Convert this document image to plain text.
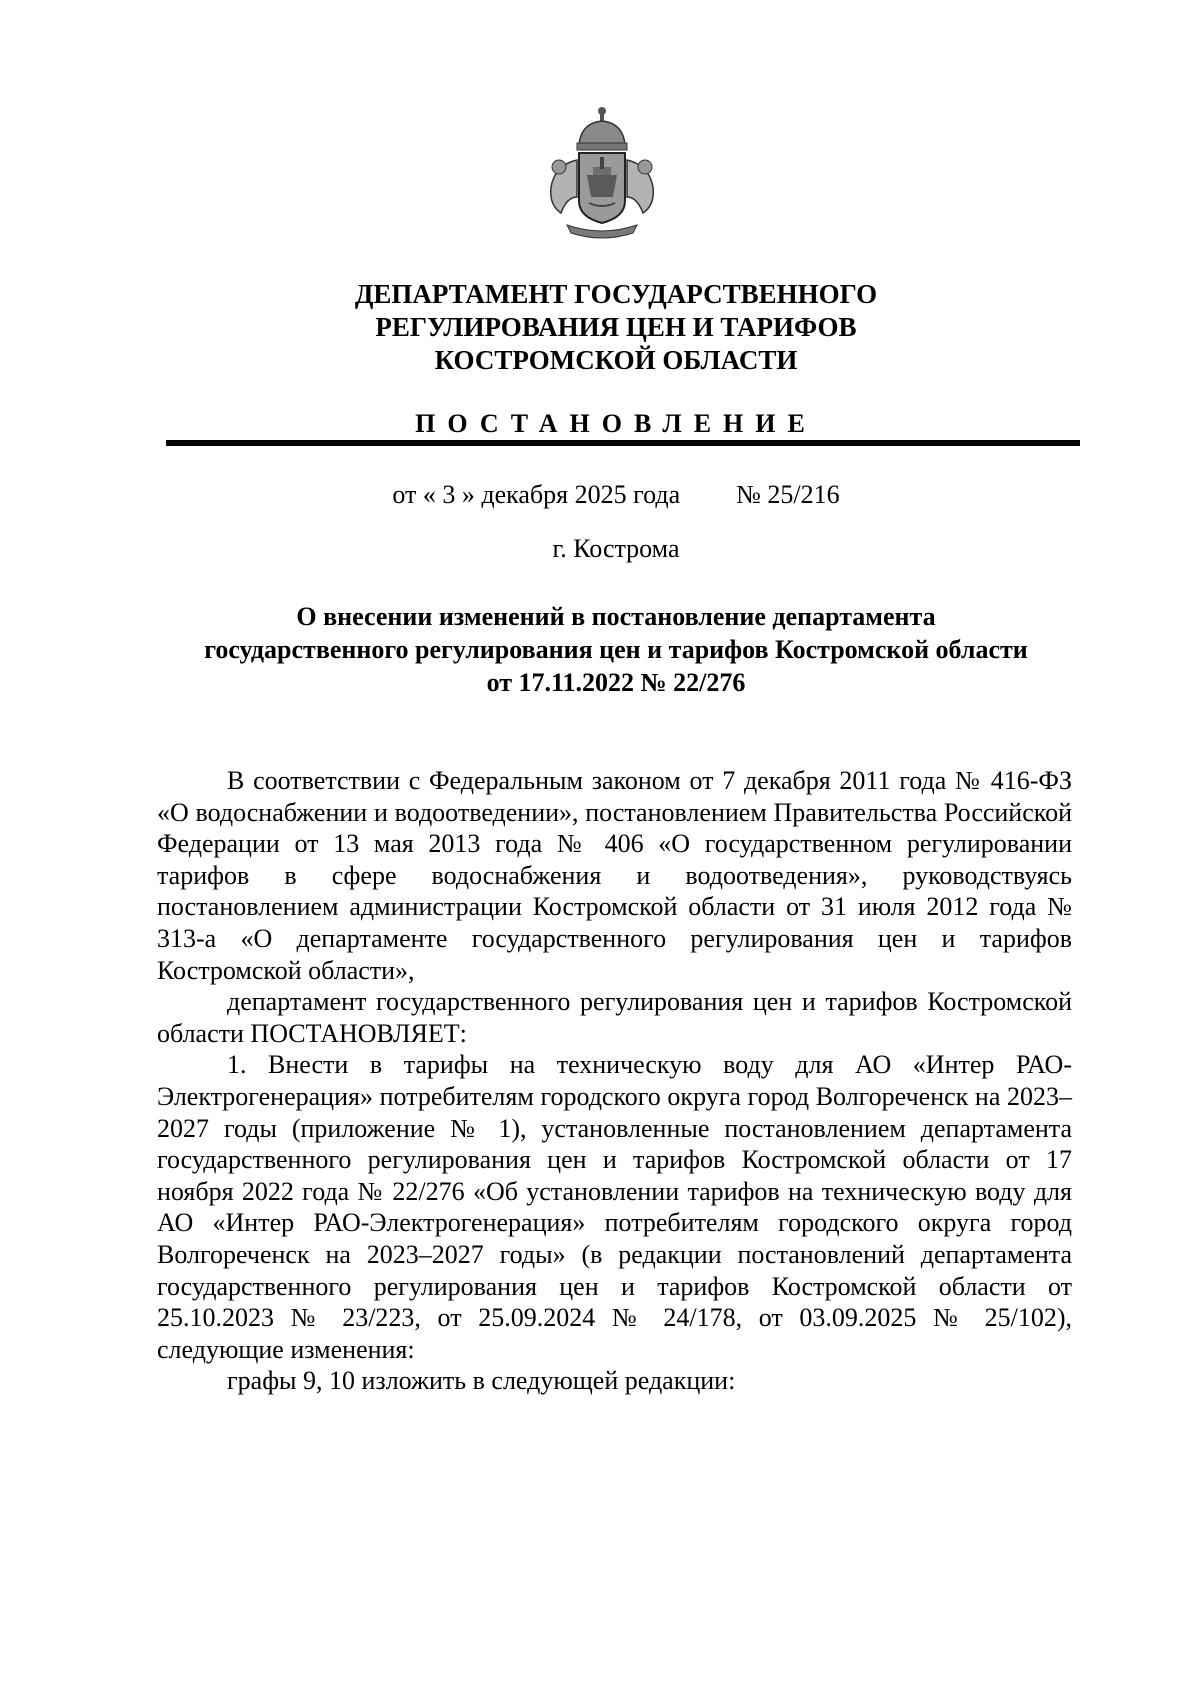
ДЕПАРТАМЕНТ ГОСУДАРСТВЕННОГО
РЕГУЛИРОВАНИЯ ЦЕН И ТАРИФОВ
КОСТРОМСКОЙ ОБЛАСТИ
ПОСТАНОВЛЕНИЕ
от « 3 » декабря 2025 года № 25/216
г. Кострома
О внесении изменений в постановление департамента
государственного регулирования цен и тарифов Костромской области
от 17.11.2022 № 22/276

В соответствии с Федеральным законом от 7 декабря 2011 года № 416-ФЗ «О водоснабжении и водоотведении», постановлением Правительства Российской Федерации от 13 мая 2013 года № 406 «О государственном регулировании тарифов в сфере водоснабжения и водоотведения», руководствуясь постановлением администрации Костромской области от 31 июля 2012 года № 313-а «О департаменте государственного регулирования цен и тарифов Костромской области»,

департамент государственного регулирования цен и тарифов Костромской области ПОСТАНОВЛЯЕТ:

1. Внести в тарифы на техническую воду для АО «Интер РАО-Электрогенерация» потребителям городского округа город Волгореченск на 2023–2027 годы (приложение № 1), установленные постановлением департамента государственного регулирования цен и тарифов Костромской области от 17 ноября 2022 года № 22/276 «Об установлении тарифов на техническую воду для АО «Интер РАО-Электрогенерация» потребителям городского округа город Волгореченск на 2023–2027 годы» (в редакции постановлений департамента государственного регулирования цен и тарифов Костромской области от 25.10.2023 № 23/223, от 25.09.2024 № 24/178, от 03.09.2025 № 25/102), следующие изменения:

графы 9, 10 изложить в следующей редакции:
